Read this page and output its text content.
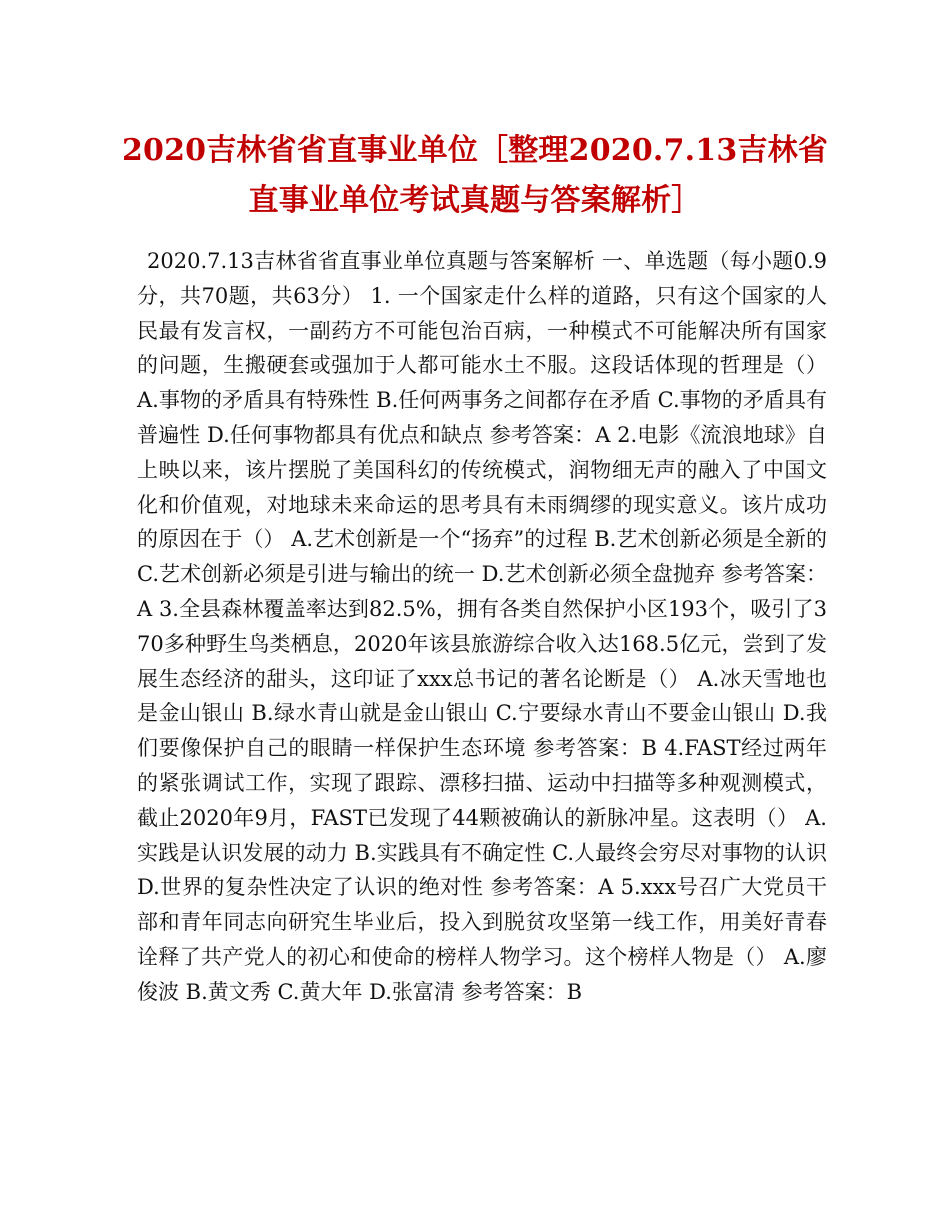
2020吉林省省直事业单位［整理2020.7.13吉林省直事业单位考试真题与答案解析］

2020.7.13吉林省省直事业单位真题与答案解析 一、单选题（每小题0.9分，共70题，共63分） 1. 一个国家走什么样的道路，只有这个国家的人民最有发言权，一副药方不可能包治百病，一种模式不可能解决所有国家的问题，生搬硬套或强加于人都可能水土不服。这段话体现的哲理是（） A.事物的矛盾具有特殊性 B.任何两事务之间都存在矛盾 C.事物的矛盾具有普遍性 D.任何事物都具有优点和缺点 参考答案：A 2.电影《流浪地球》自上映以来，该片摆脱了美国科幻的传统模式，润物细无声的融入了中国文化和价值观，对地球未来命运的思考具有未雨绸缪的现实意义。该片成功的原因在于（） A.艺术创新是一个“扬弃”的过程 B.艺术创新必须是全新的 C.艺术创新必须是引进与输出的统一 D.艺术创新必须全盘抛弃 参考答案：A 3.全县森林覆盖率达到82.5%，拥有各类自然保护小区193个，吸引了370多种野生鸟类栖息，2020年该县旅游综合收入达168.5亿元，尝到了发展生态经济的甜头，这印证了xxx总书记的著名论断是（） A.冰天雪地也是金山银山 B.绿水青山就是金山银山 C.宁要绿水青山不要金山银山 D.我们要像保护自己的眼睛一样保护生态环境 参考答案：B 4.FAST经过两年的紧张调试工作，实现了跟踪、漂移扫描、运动中扫描等多种观测模式，截止2020年9月，FAST已发现了44颗被确认的新脉冲星。这表明（） A.实践是认识发展的动力 B.实践具有不确定性 C.人最终会穷尽对事物的认识 D.世界的复杂性决定了认识的绝对性 参考答案：A 5.xxx号召广大党员干部和青年同志向研究生毕业后，投入到脱贫攻坚第一线工作，用美好青春诠释了共产党人的初心和使命的榜样人物学习。这个榜样人物是（） A.廖俊波 B.黄文秀 C.黄大年 D.张富清 参考答案：B
